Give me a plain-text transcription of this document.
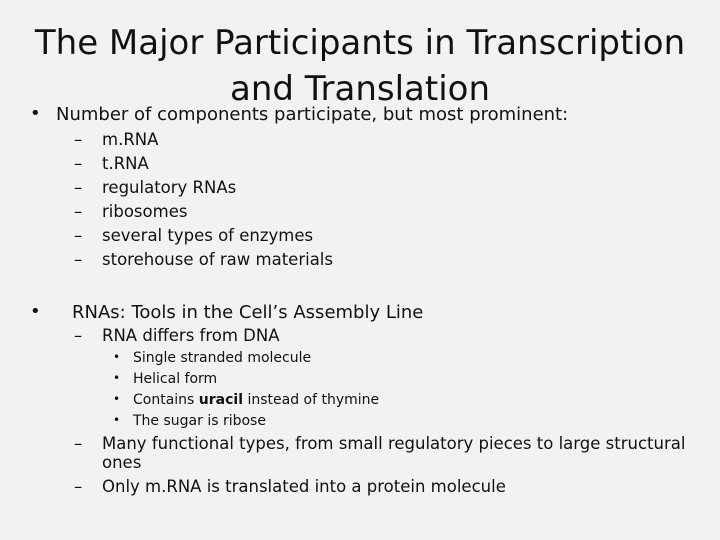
The Major Participants in Transcription and Translation
• Number of components participate, but most prominent:
– m.RNA
– t.RNA
– regulatory RNAs
– ribosomes
– several types of enzymes
– storehouse of raw materials
• RNAs: Tools in the Cell’s Assembly Line
– RNA differs from DNA
• Single stranded molecule
• Helical form
• Contains uracil instead of thymine
• The sugar is ribose
– Many functional types, from small regulatory pieces to large structural
ones
– Only m.RNA is translated into a protein molecule
